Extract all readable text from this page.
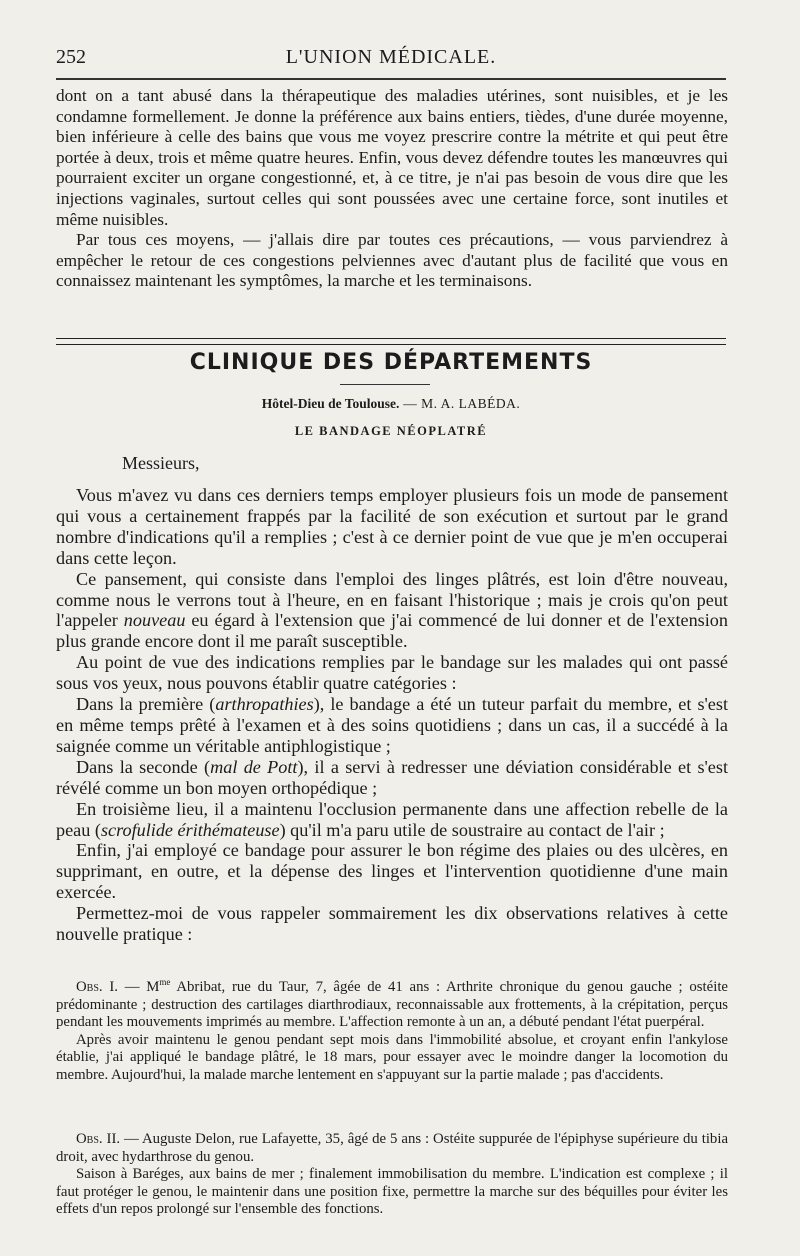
252	L'UNION MÉDICALE.

dont on a tant abusé dans la thérapeutique des maladies utérines, sont nuisibles, et je les condamne formellement. Je donne la préférence aux bains entiers, tièdes, d'une durée moyenne, bien inférieure à celle des bains que vous me voyez prescrire contre la métrite et qui peut être portée à deux, trois et même quatre heures. Enfin, vous devez défendre toutes les manœuvres qui pourraient exciter un organe congestionné, et, à ce titre, je n'ai pas besoin de vous dire que les injections vaginales, surtout celles qui sont poussées avec une certaine force, sont inutiles et même nuisibles.

Par tous ces moyens, — j'allais dire par toutes ces précautions, — vous parviendrez à empêcher le retour de ces congestions pelviennes avec d'autant plus de facilité que vous en connaissez maintenant les symptômes, la marche et les terminaisons.

CLINIQUE DES DÉPARTEMENTS
Hôtel-Dieu de Toulouse. — M. A. LABÉDA.
LE BANDAGE NÉOPLATRÉ
Messieurs,

Vous m'avez vu dans ces derniers temps employer plusieurs fois un mode de pansement qui vous a certainement frappés par la facilité de son exécution et surtout par le grand nombre d'indications qu'il a remplies ; c'est à ce dernier point de vue que je m'en occuperai dans cette leçon.

Ce pansement, qui consiste dans l'emploi des linges plâtrés, est loin d'être nouveau, comme nous le verrons tout à l'heure, en en faisant l'historique ; mais je crois qu'on peut l'appeler nouveau eu égard à l'extension que j'ai commencé de lui donner et de l'extension plus grande encore dont il me paraît susceptible.

Au point de vue des indications remplies par le bandage sur les malades qui ont passé sous vos yeux, nous pouvons établir quatre catégories :

Dans la première (arthropathies), le bandage a été un tuteur parfait du membre, et s'est en même temps prêté à l'examen et à des soins quotidiens ; dans un cas, il a succédé à la saignée comme un véritable antiphlogistique ;

Dans la seconde (mal de Pott), il a servi à redresser une déviation considérable et s'est révélé comme un bon moyen orthopédique ;

En troisième lieu, il a maintenu l'occlusion permanente dans une affection rebelle de la peau (scrofulide érithémateuse) qu'il m'a paru utile de soustraire au contact de l'air ;

Enfin, j'ai employé ce bandage pour assurer le bon régime des plaies ou des ulcères, en supprimant, en outre, et la dépense des linges et l'intervention quotidienne d'une main exercée.

Permettez-moi de vous rappeler sommairement les dix observations relatives à cette nouvelle pratique :

Obs. I. — $M^{me}$ Abribat, rue du Taur, 7, âgée de 41 ans : Arthrite chronique du genou gauche ; ostéite prédominante ; destruction des cartilages diarthrodiaux, reconnaissable aux frottements, à la crépitation, perçus pendant les mouvements imprimés au membre. L'affection remonte à un an, a débuté pendant l'état puerpéral.

Après avoir maintenu le genou pendant sept mois dans l'immobilité absolue, et croyant enfin l'ankylose établie, j'ai appliqué le bandage plâtré, le 18 mars, pour essayer avec le moindre danger la locomotion du membre. Aujourd'hui, la malade marche lentement en s'appuyant sur la partie malade ; pas d'accidents.

Obs. II. — Auguste Delon, rue Lafayette, 35, âgé de 5 ans : Ostéite suppurée de l'épiphyse supérieure du tibia droit, avec hydarthrose du genou.

Saison à Baréges, aux bains de mer ; finalement immobilisation du membre. L'indication est complexe ; il faut protéger le genou, le maintenir dans une position fixe, permettre la marche sur des béquilles pour éviter les effets d'un repos prolongé sur l'ensemble des fonctions.
